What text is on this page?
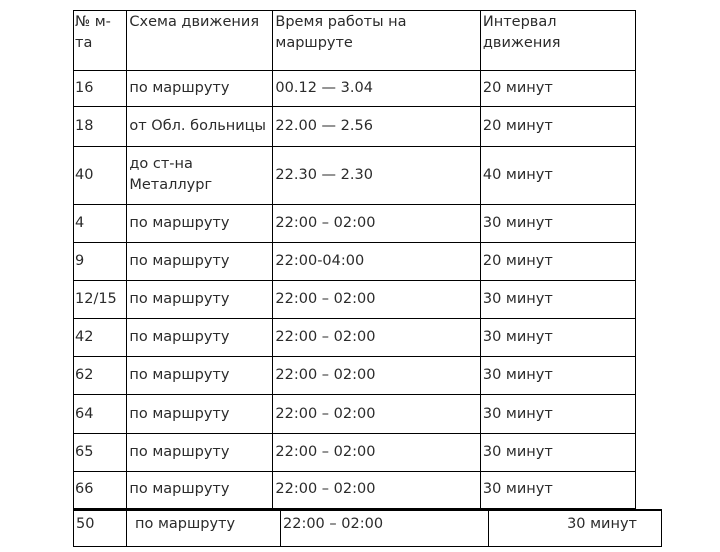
№ м-та	Схема движения	Время работы на маршруте	Интервал движения
16	по маршруту	00.12 — 3.04	20 минут
18	от Обл. больницы	22.00 — 2.56	20 минут
40	до ст-на Металлург	22.30 — 2.30	40 минут
4	по маршруту	22:00 – 02:00	30 минут
9	по маршруту	22:00-04:00	20 минут
12/15	по маршруту	22:00 – 02:00	30 минут
42	по маршруту	22:00 – 02:00	30 минут
62	по маршруту	22:00 – 02:00	30 минут
64	по маршруту	22:00 – 02:00	30 минут
65	по маршруту	22:00 – 02:00	30 минут
66	по маршруту	22:00 – 02:00	30 минут
50	по маршруту	22:00 – 02:00	30 минут
